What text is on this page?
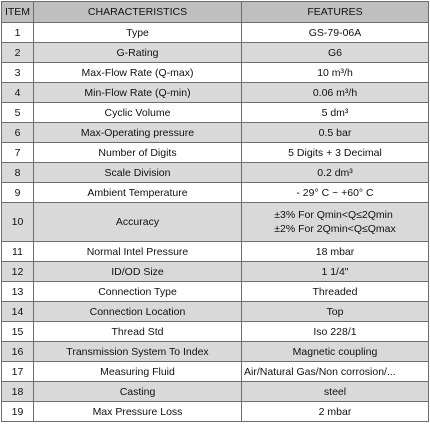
ITEM	CHARACTERISTICS	FEATURES
1	Type	GS-79-06A
2	G-Rating	G6
3	Max-Flow Rate (Q-max)	10 m³/h
4	Min-Flow Rate (Q-min)	0.06 m³/h
5	Cyclic Volume	5 dm³
6	Max-Operating pressure	0.5 bar
7	Number of Digits	5 Digits + 3 Decimal
8	Scale Division	0.2 dm³
9	Ambient Temperature	- 29° C ~ +60° C
10	Accuracy	±3% For Qmin<Q≤2Qmin
±2% For 2Qmin<Q≤Qmax

11	Normal Intel Pressure	18 mbar
12	ID/OD Size	1 1/4"
13	Connection Type	Threaded
14	Connection Location	Top
15	Thread Std	Iso 228/1
16	Transmission System To Index	Magnetic coupling
17	Measuring Fluid	Air/Natural Gas/Non corrosion/...

18	Casting	steel
19	Max Pressure Loss	2 mbar
